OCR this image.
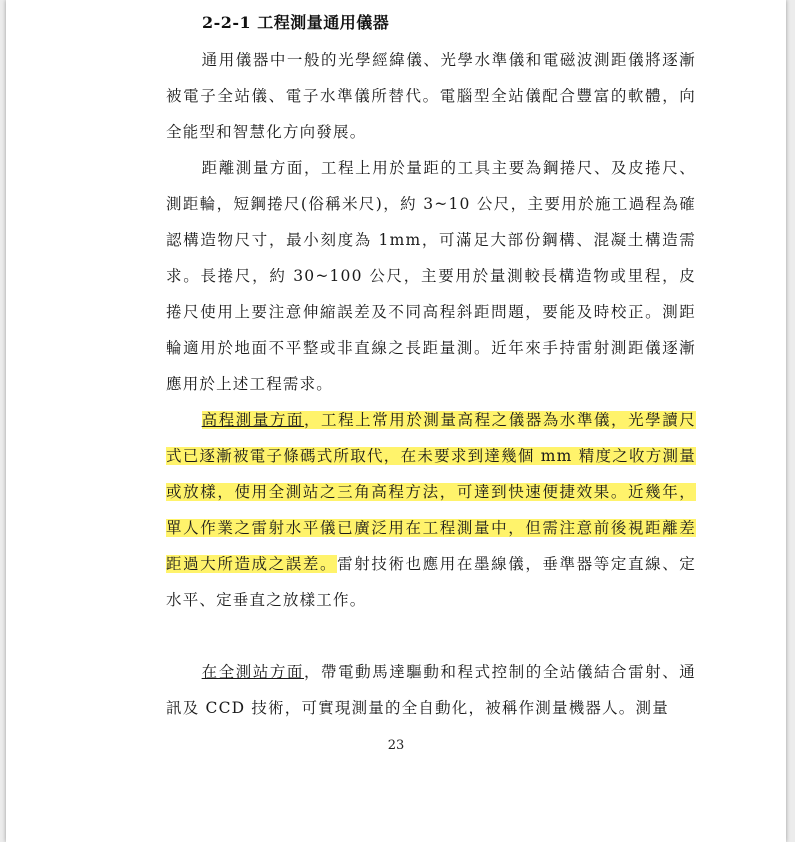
2-2-1 工程測量通用儀器

通用儀器中一般的光學經緯儀、光學水準儀和電磁波測距儀將逐漸被電子全站儀、電子水準儀所替代。電腦型全站儀配合豐富的軟體，向全能型和智慧化方向發展。

距離測量方面，工程上用於量距的工具主要為鋼捲尺、及皮捲尺、測距輪，短鋼捲尺(俗稱米尺)，約 3~10 公尺，主要用於施工過程為確認構造物尺寸，最小刻度為 1mm，可滿足大部份鋼構、混凝土構造需求。長捲尺，約 30~100 公尺，主要用於量測較長構造物或里程，皮捲尺使用上要注意伸縮誤差及不同高程斜距問題，要能及時校正。測距輪適用於地面不平整或非直線之長距量測。近年來手持雷射測距儀逐漸應用於上述工程需求。

高程測量方面，工程上常用於測量高程之儀器為水準儀，光學讀尺式已逐漸被電子條碼式所取代，在未要求到達幾個 mm 精度之收方測量或放樣，使用全測站之三角高程方法，可達到快速便捷效果。近幾年，單人作業之雷射水平儀已廣泛用在工程測量中，但需注意前後視距離差距過大所造成之誤差。雷射技術也應用在墨線儀，垂準器等定直線、定水平、定垂直之放樣工作。

在全測站方面，帶電動馬達驅動和程式控制的全站儀結合雷射、通訊及 CCD 技術，可實現測量的全自動化，被稱作測量機器人。測量

23
